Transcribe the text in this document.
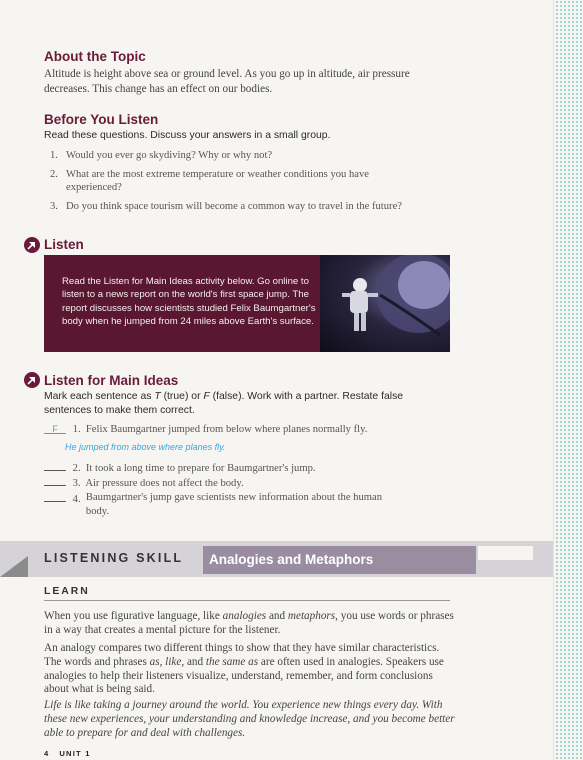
About the Topic
Altitude is height above sea or ground level. As you go up in altitude, air pressure decreases. This change has an effect on our bodies.
Before You Listen
Read these questions. Discuss your answers in a small group.
1. Would you ever go skydiving? Why or why not?
2. What are the most extreme temperature or weather conditions you have experienced?
3. Do you think space tourism will become a common way to travel in the future?
Listen
Read the Listen for Main Ideas activity below. Go online to listen to a news report on the world's first space jump. The report discusses how scientists studied Felix Baumgartner's body when he jumped from 24 miles above Earth's surface.
Listen for Main Ideas
Mark each sentence as T (true) or F (false). Work with a partner. Restate false sentences to make them correct.
F 1. Felix Baumgartner jumped from below where planes normally fly.
He jumped from above where planes fly.
2. It took a long time to prepare for Baumgartner's jump.
3. Air pressure does not affect the body.
4. Baumgartner's jump gave scientists new information about the human body.
LISTENING SKILL	Analogies and Metaphors
LEARN
When you use figurative language, like analogies and metaphors, you use words or phrases in a way that creates a mental picture for the listener.
An analogy compares two different things to show that they have similar characteristics. The words and phrases as, like, and the same as are often used in analogies. Speakers use analogies to help their listeners visualize, understand, remember, and form conclusions about what is being said.
Life is like taking a journey around the world. You experience new things every day. With these new experiences, your understanding and knowledge increase, and you become better able to prepare for and deal with challenges.
4 UNIT 1
